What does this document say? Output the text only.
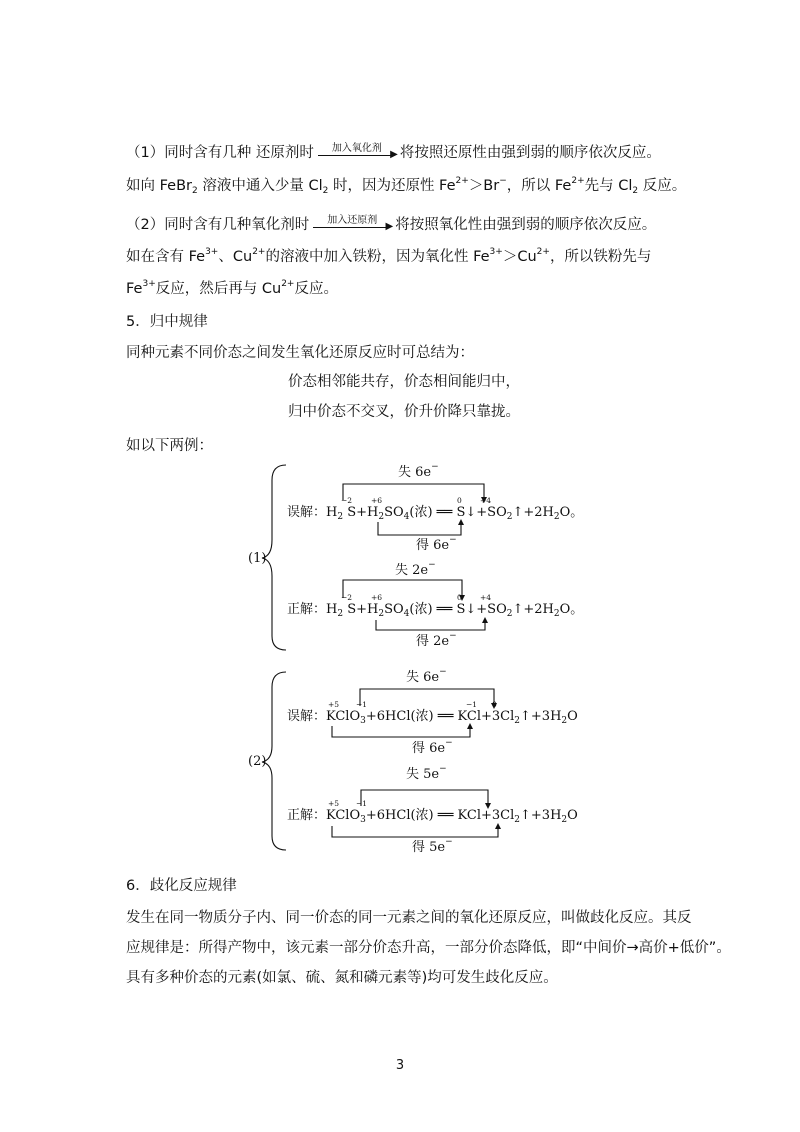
（1）同时含有几种 还原剂时	加入氧化剂
▶ 将按照还原性由强到弱的顺序依次反应。
如向 FeBr$_2$ 溶液中通入少量 $Cl_2$ 时，因为还原性 $Fe^{2+}>Br^-$，所以 $Fe^{2+}$先与 $Cl_2$ 反应。
（2）同时含有几种氧化剂时	加入还原剂
▶ 将按照氧化性由强到弱的顺序依次反应。
如在含有 $Fe^{3+}$、$Cu^{2+}$的溶液中加入铁粉，因为氧化性 $Fe^{3+}>Cu^{2+}$，所以铁粉先与
$Fe^{3+}$反应，然后再与 $Cu^{2+}$反应。
5．归中规律
同种元素不同价态之间发生氧化还原反应时可总结为：
价态相邻能共存，价态相间能归中，
归中价态不交叉，价升价降只靠拢。
如以下两例：
(1)
(2)
失 6e−
−2	+6	0 +4
误解：$H_2$ $S+H_2SO_4$(浓) ══ $S↓+SO_2↑+2H_2O$。
得 6e−
失 2e−
−2	+6	0 +4
正解：$H_2$ $S+H_2SO_4$(浓) ══ $S↓+SO_2↑+2H_2O$。
得 2e−
失 6e−
+5 −1	−1 0
误解：KClO$_3$+6HCl(浓) ══ $KCl+3Cl_2↑+3H_2O$
得 6e−
失 5e−
+5 −1
正解：KClO$_3$+6HCl(浓) ══ $KCl+3Cl_2↑+3H_2O$
得 5e−
6．歧化反应规律
发生在同一物质分子内、同一价态的同一元素之间的氧化还原反应，叫做歧化反应。其反
应规律是：所得产物中，该元素一部分价态升高，一部分价态降低，即“中间价→高价+低价”。
具有多种价态的元素(如氯、硫、氮和磷元素等)均可发生歧化反应。
3
